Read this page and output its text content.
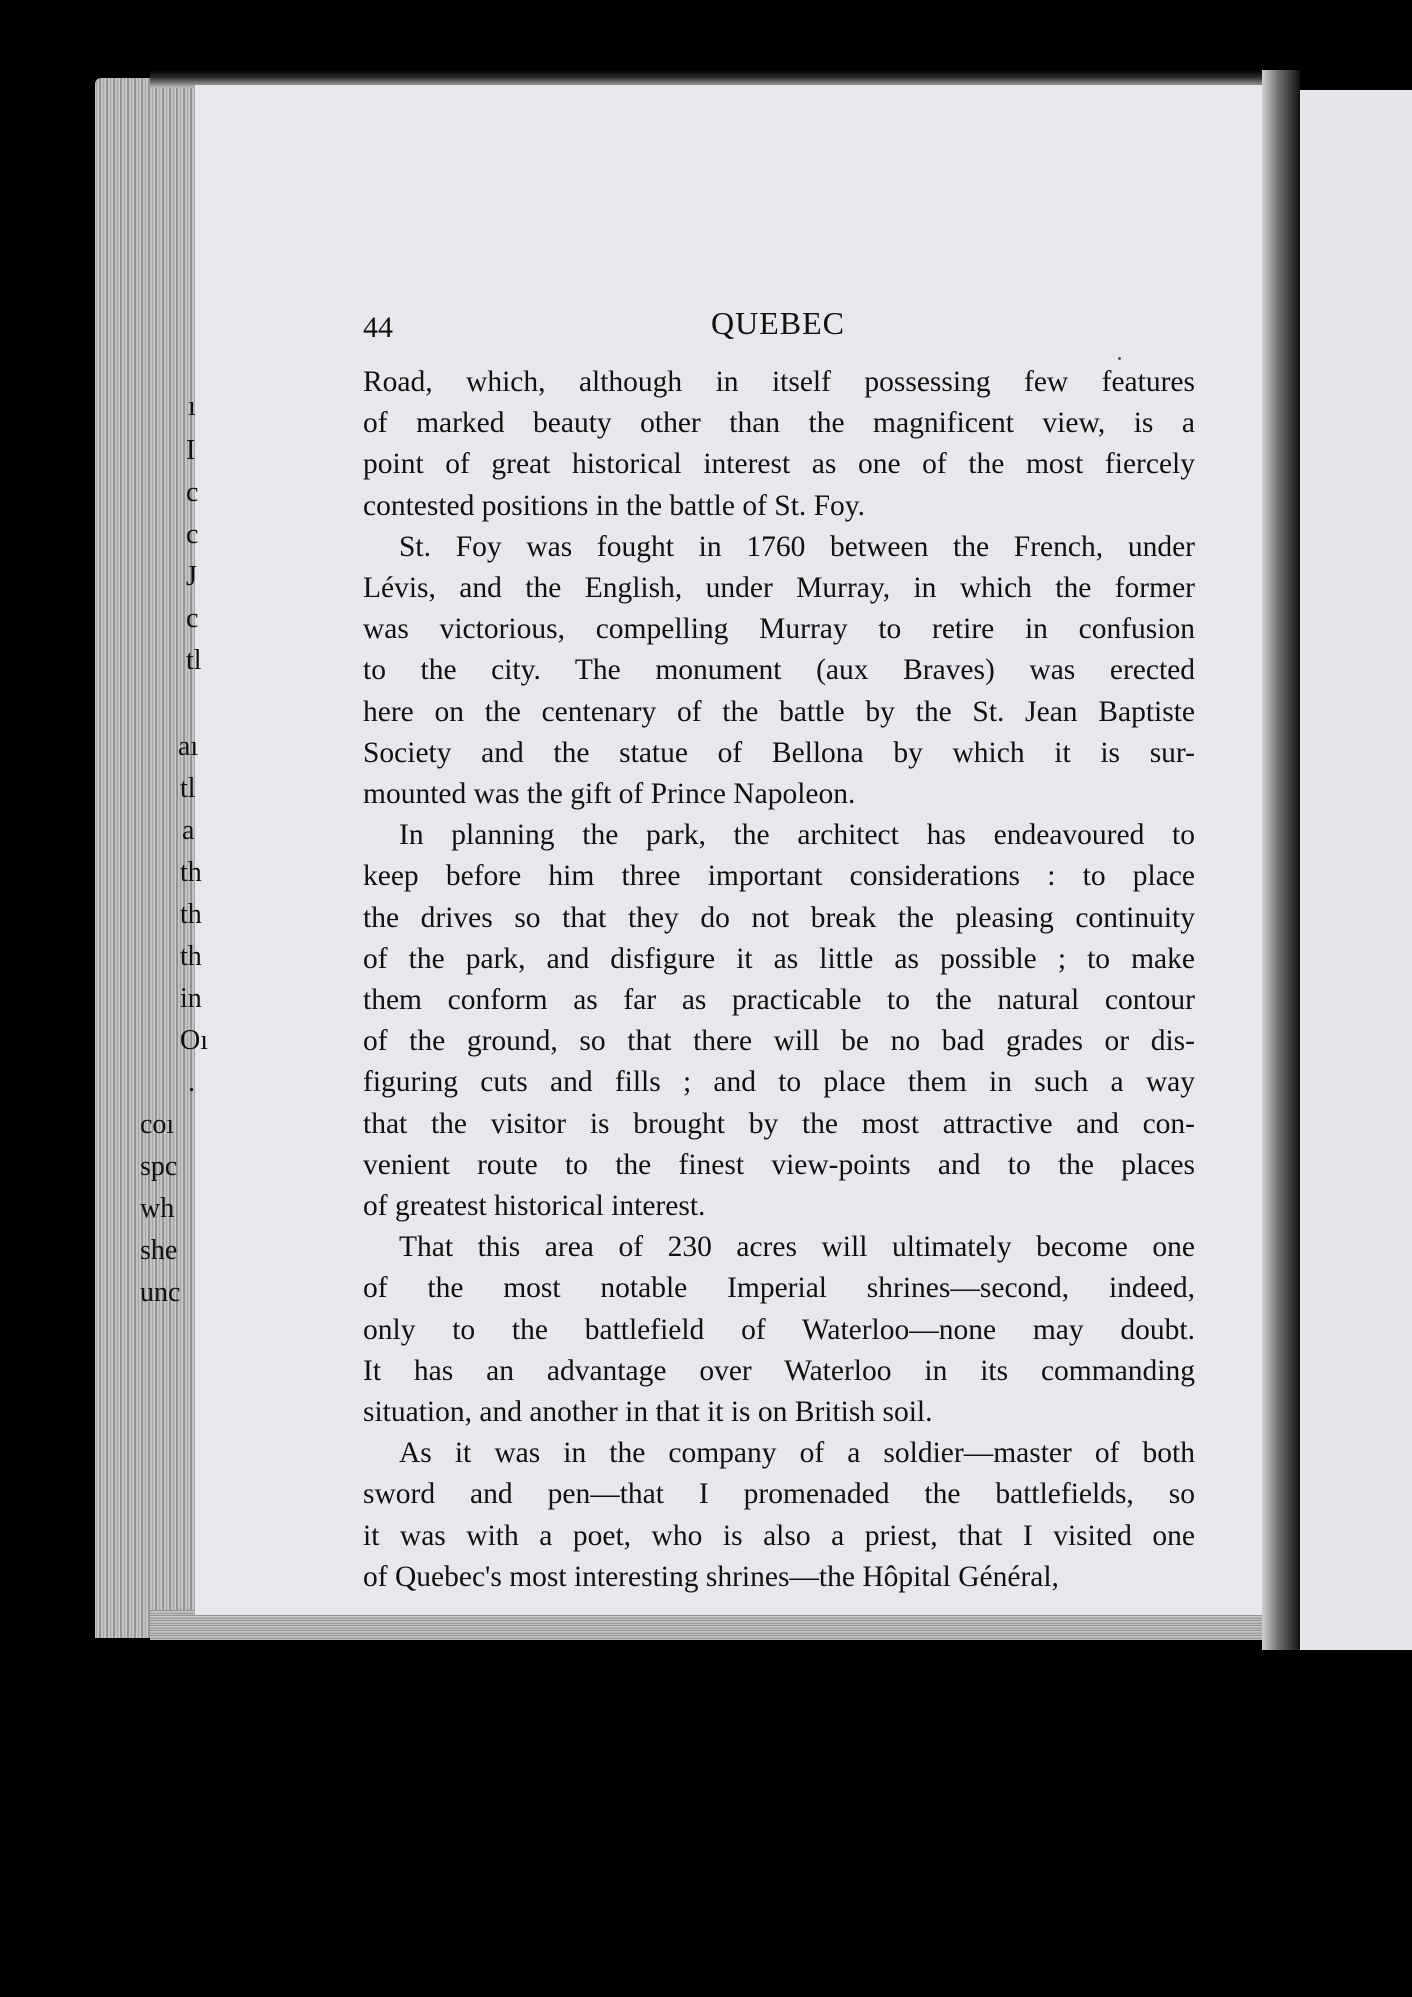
ı
I
c
c
J
c
tl
aı
tl
a
th
th
th
in
Oı
.
coı
spc
wh
she
unc
44	QUEBEC
Road, which, although in itself possessing few features
of marked beauty other than the magnificent view, is a
point of great historical interest as one of the most fiercely
contested positions in the battle of St. Foy.
St. Foy was fought in 1760 between the French, under
Lévis, and the English, under Murray, in which the former
was victorious, compelling Murray to retire in confusion
to the city. The monument (aux Braves) was erected
here on the centenary of the battle by the St. Jean Baptiste
Society and the statue of Bellona by which it is sur-
mounted was the gift of Prince Napoleon.
In planning the park, the architect has endeavoured to
keep before him three important considerations : to place
the drives so that they do not break the pleasing continuity
of the park, and disfigure it as little as possible ; to make
them conform as far as practicable to the natural contour
of the ground, so that there will be no bad grades or dis-
figuring cuts and fills ; and to place them in such a way
that the visitor is brought by the most attractive and con-
venient route to the finest view-points and to the places
of greatest historical interest.
That this area of 230 acres will ultimately become one
of the most notable Imperial shrines—second, indeed,
only to the battlefield of Waterloo—none may doubt.
It has an advantage over Waterloo in its commanding
situation, and another in that it is on British soil.
As it was in the company of a soldier—master of both
sword and pen—that I promenaded the battlefields, so
it was with a poet, who is also a priest, that I visited one
of Quebec's most interesting shrines—the Hôpital Général,
